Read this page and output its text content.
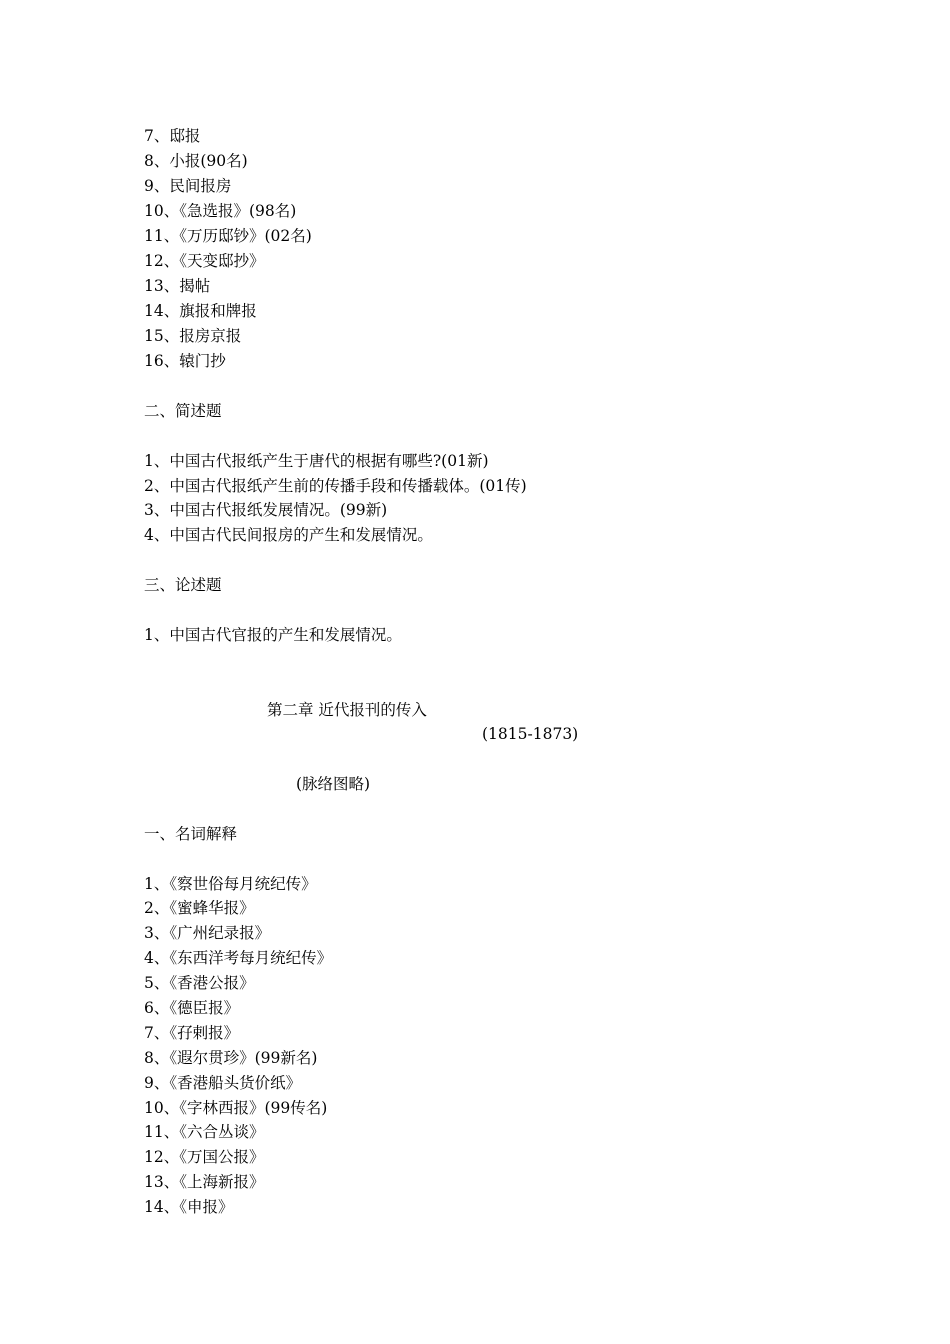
7、邸报
8、小报(90名)
9、民间报房
10、《急选报》(98名)
11、《万历邸钞》(02名)
12、《天变邸抄》
13、揭帖
14、旗报和牌报
15、报房京报
16、辕门抄
二、简述题
1、中国古代报纸产生于唐代的根据有哪些?(01新)
2、中国古代报纸产生前的传播手段和传播载体。(01传)
3、中国古代报纸发展情况。(99新)
4、中国古代民间报房的产生和发展情况。
三、论述题
1、中国古代官报的产生和发展情况。
第二章 近代报刊的传入
(1815-1873)
(脉络图略)
一、名词解释
1、《察世俗每月统纪传》
2、《蜜蜂华报》
3、《广州纪录报》
4、《东西洋考每月统纪传》
5、《香港公报》
6、《德臣报》
7、《孖剌报》
8、《遐尔贯珍》(99新名)
9、《香港船头货价纸》
10、《字林西报》(99传名)
11、《六合丛谈》
12、《万国公报》
13、《上海新报》
14、《申报》
